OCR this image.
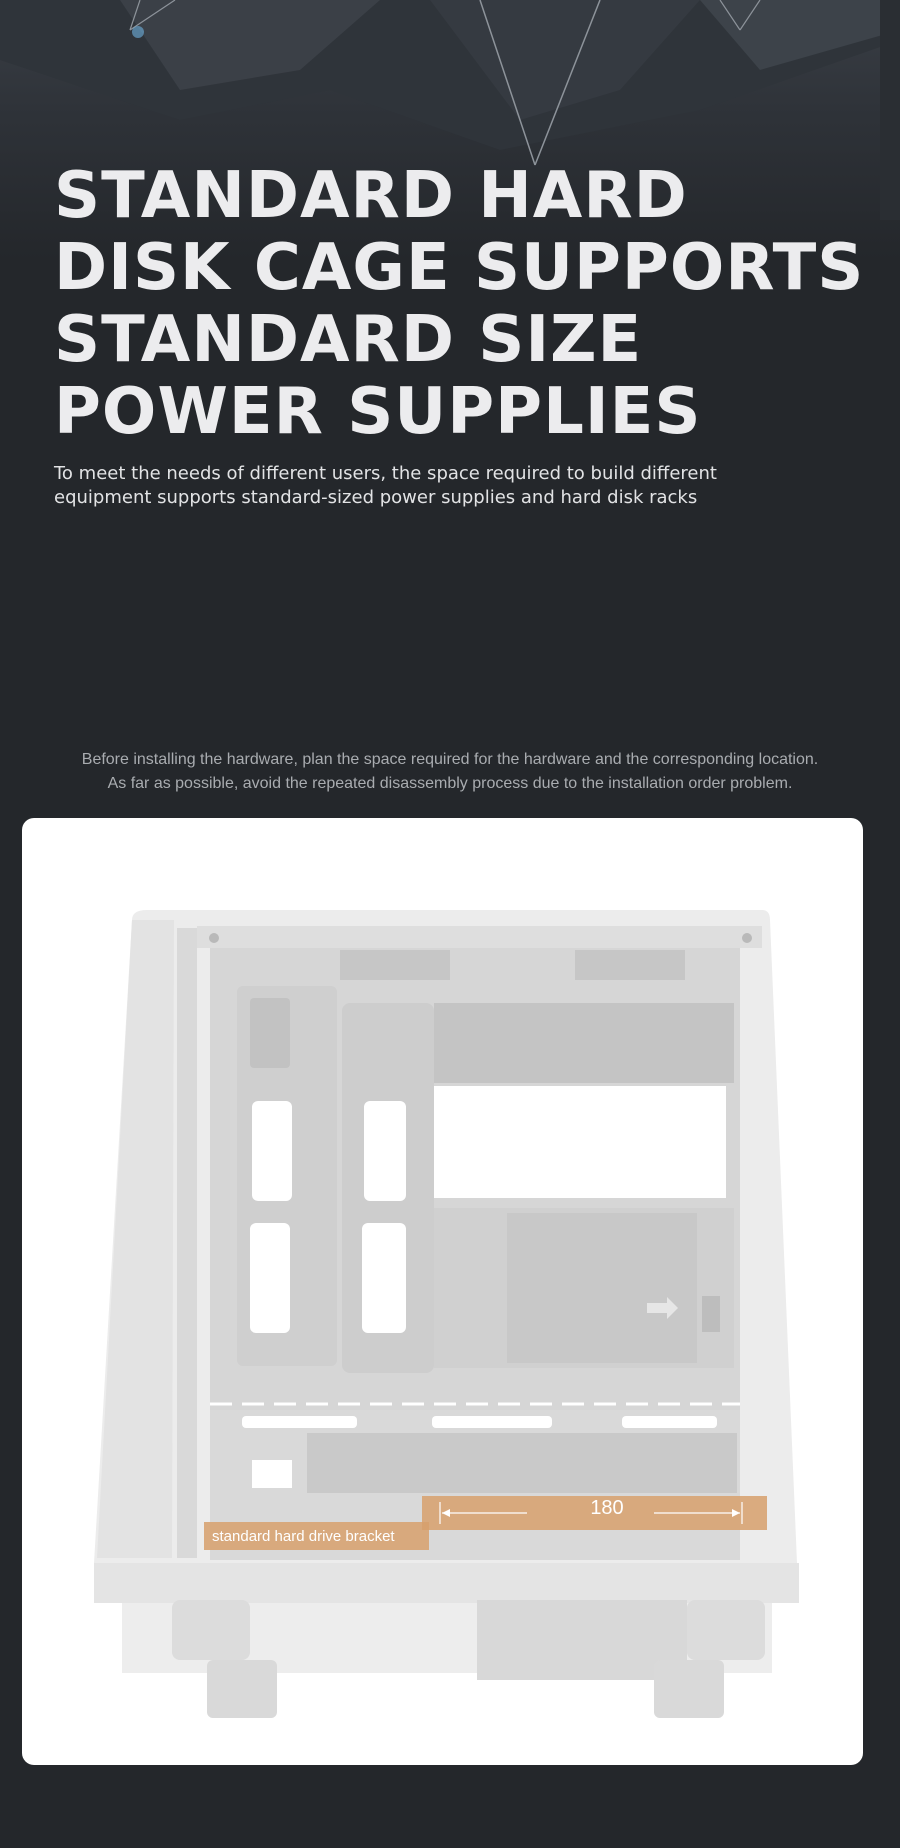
STANDARD HARD
DISK CAGE SUPPORTS
STANDARD SIZE
POWER SUPPLIES

To meet the needs of different users, the space required to build different
equipment supports standard-sized power supplies and hard disk racks

Before installing the hardware, plan the space required for the hardware and the corresponding location.
As far as possible, avoid the repeated disassembly process due to the installation order problem.

180
standard hard drive bracket
